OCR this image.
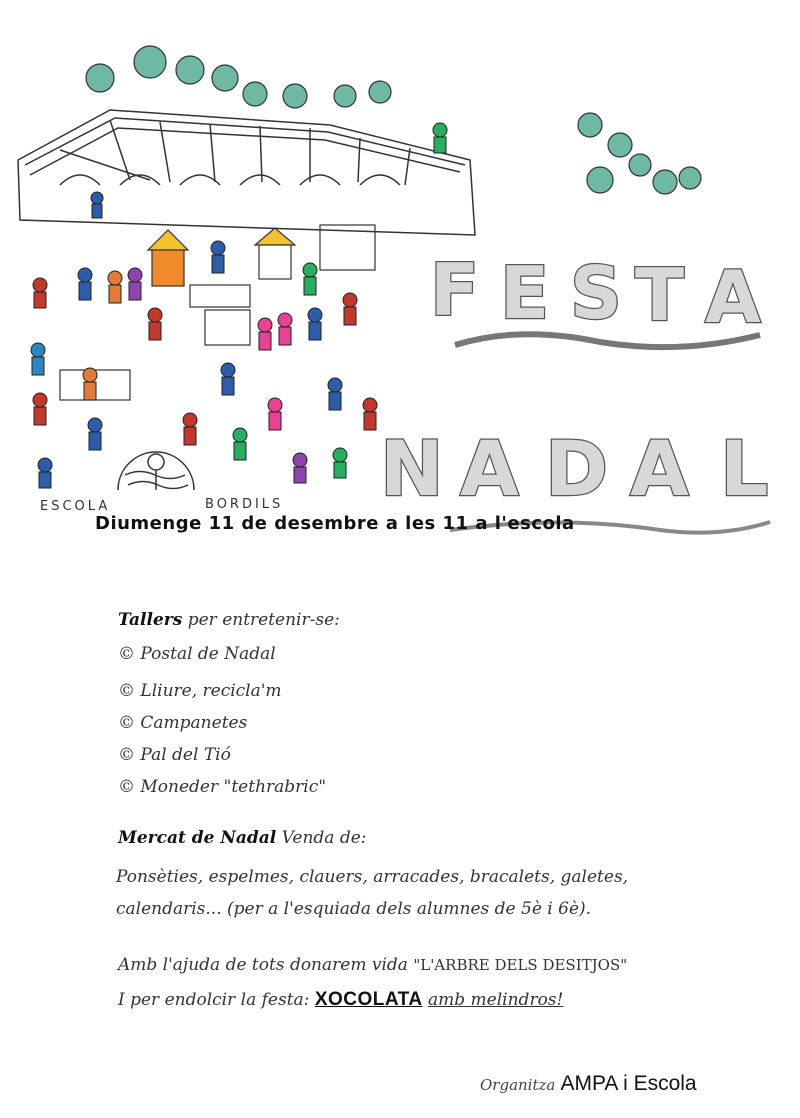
ESCOLA	BORDILS
F E S T A
N A D A L
Diumenge 11 de desembre a les 11 a l'escola
Tallers per entretenir-se:
© Postal de Nadal
© Lliure, recicla'm
© Campanetes
© Pal del Tió
© Moneder "tethrabric"
Mercat de Nadal Venda de:
Ponsèties, espelmes, clauers, arracades, bracalets, galetes,
calendaris... (per a l'esquiada dels alumnes de 5è i 6è).
Amb l'ajuda de tots donarem vida "L'ARBRE DELS DESITJOS"
I per endolcir la festa: XOCOLATA amb melindros!
Organitza AMPA i Escola
